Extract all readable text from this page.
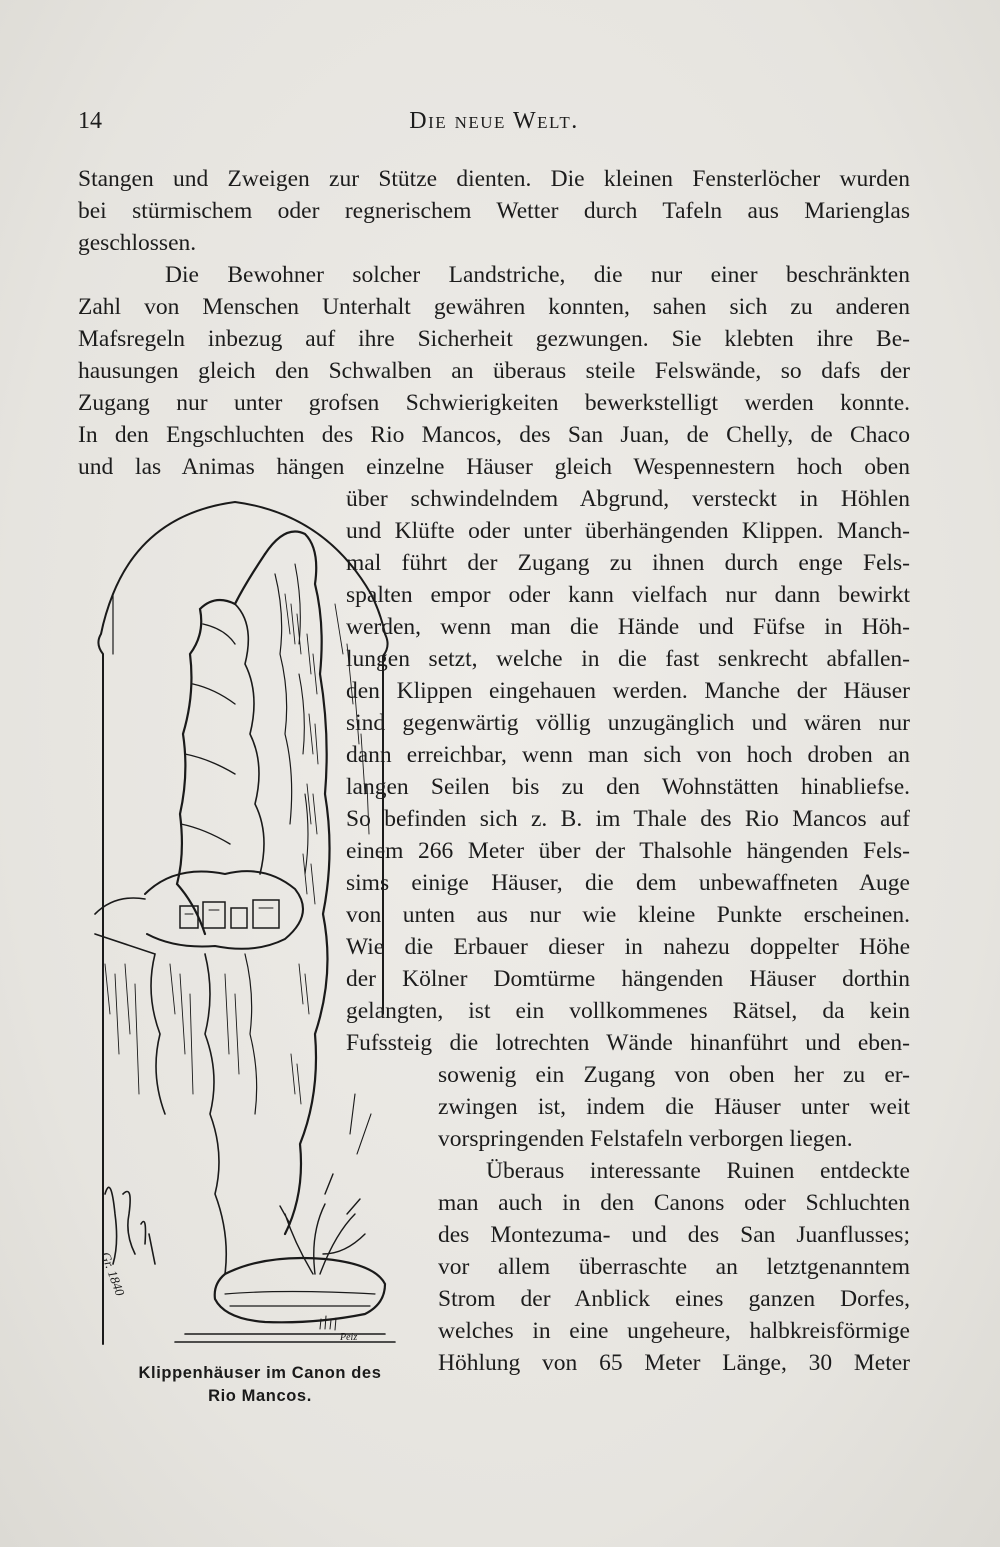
14	Die neue Welt.
Stangen und Zweigen zur Stütze dienten. Die kleinen Fensterlöcher wurden
bei stürmischem oder regnerischem Wetter durch Tafeln aus Marienglas
geschlossen.
Die Bewohner solcher Landstriche, die nur einer beschränkten
Zahl von Menschen Unterhalt gewähren konnten, sahen sich zu anderen
Mafsregeln inbezug auf ihre Sicherheit gezwungen. Sie klebten ihre Be-
hausungen gleich den Schwalben an überaus steile Felswände, so dafs der
Zugang nur unter grofsen Schwierigkeiten bewerkstelligt werden konnte.
In den Engschluchten des Rio Mancos, des San Juan, de Chelly, de Chaco
und las Animas hängen einzelne Häuser gleich Wespennestern hoch oben
über schwindelndem Abgrund, versteckt in Höhlen
und Klüfte oder unter überhängenden Klippen. Manch-
mal führt der Zugang zu ihnen durch enge Fels-
spalten empor oder kann vielfach nur dann bewirkt
werden, wenn man die Hände und Füfse in Höh-
lungen setzt, welche in die fast senkrecht abfallen-
den Klippen eingehauen werden. Manche der Häuser
sind gegenwärtig völlig unzugänglich und wären nur
dann erreichbar, wenn man sich von hoch droben an
langen Seilen bis zu den Wohnstätten hinabliefse.
So befinden sich z. B. im Thale des Rio Mancos auf
einem 266 Meter über der Thalsohle hängenden Fels-
sims einige Häuser, die dem unbewaffneten Auge
von unten aus nur wie kleine Punkte erscheinen.
Wie die Erbauer dieser in nahezu doppelter Höhe
der Kölner Domtürme hängenden Häuser dorthin
gelangten, ist ein vollkommenes Rätsel, da kein
Fufssteig die lotrechten Wände hinanführt und eben-
sowenig ein Zugang von oben her zu er-
zwingen ist, indem die Häuser unter weit
vorspringenden Felstafeln verborgen liegen.
Überaus interessante Ruinen entdeckte
man auch in den Canons oder Schluchten
des Montezuma- und des San Juanflusses;
vor allem überraschte an letztgenanntem
Strom der Anblick eines ganzen Dorfes,
welches in eine ungeheure, halbkreisförmige
Höhlung von 65 Meter Länge, 30 Meter
Peiz
Gr. 1840
Klippenhäuser im Canon des
Rio Mancos.
